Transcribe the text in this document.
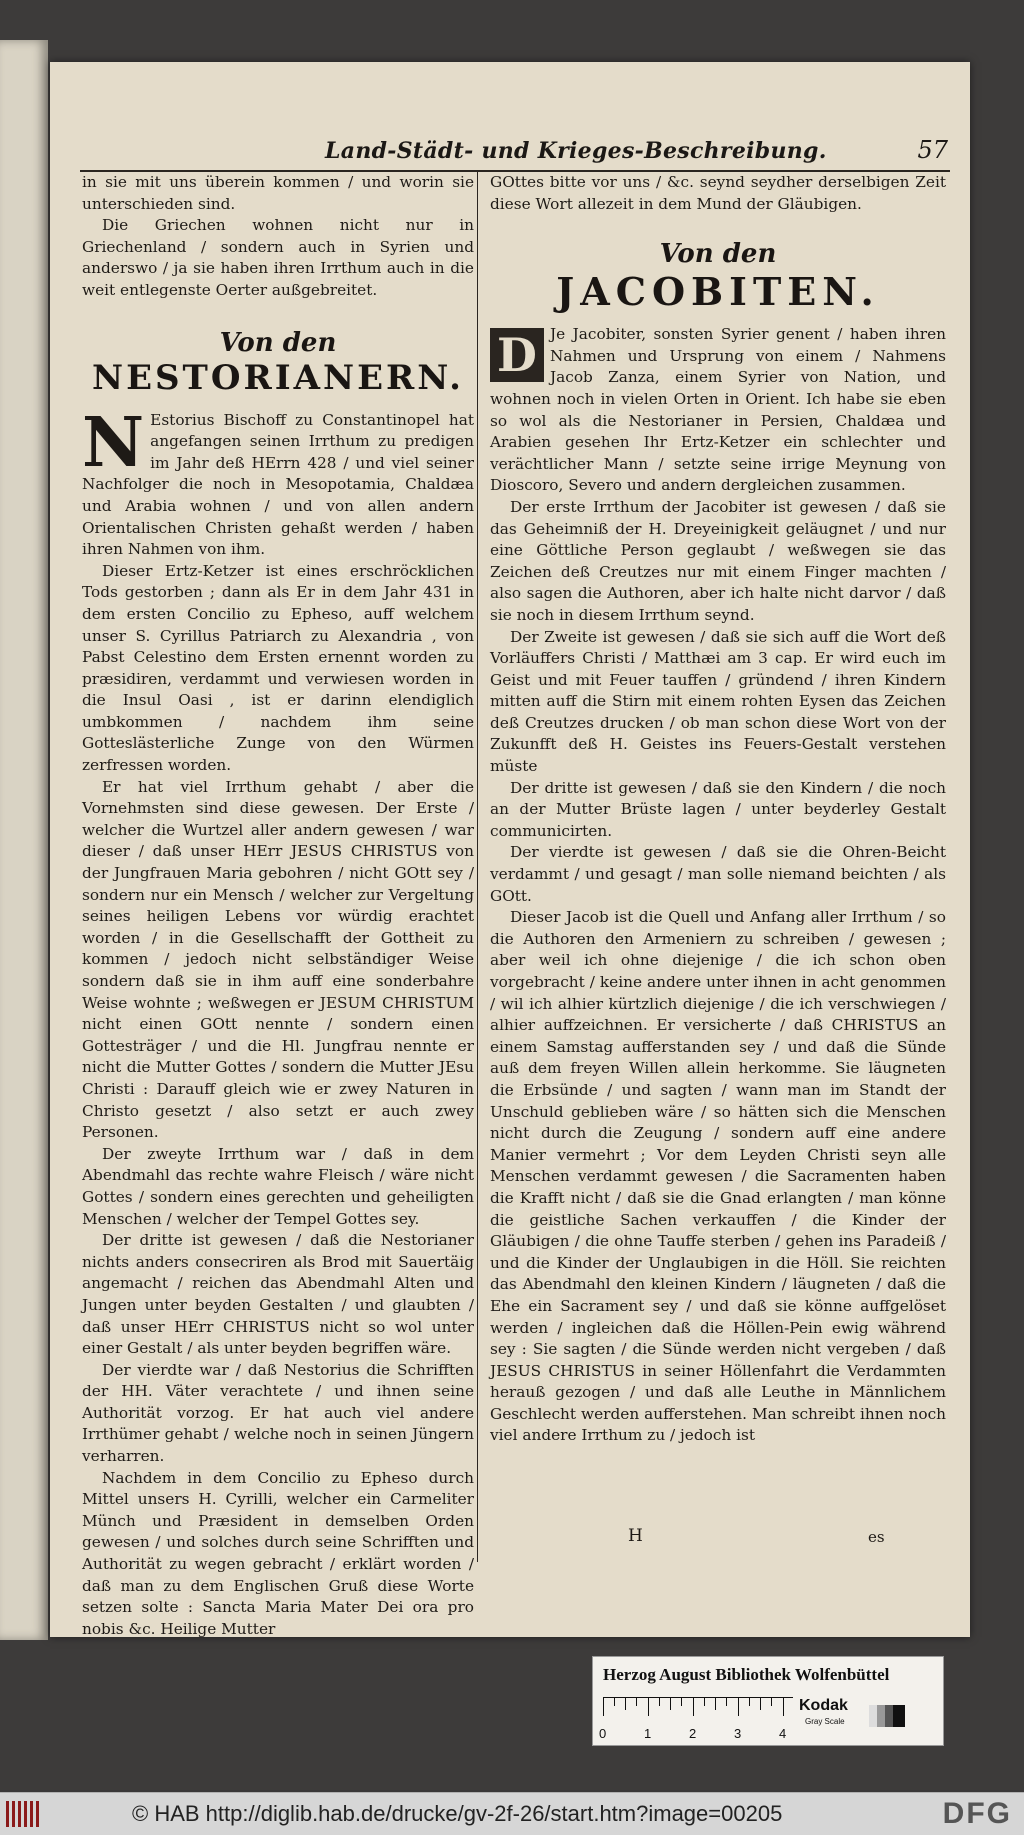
Land-Städt- und Krieges-Beschreibung.	57

in sie mit uns überein kommen / und worin sie unterschieden sind.

Die Griechen wohnen nicht nur in Griechenland / sondern auch in Syrien und anderswo / ja sie haben ihren Irrthum auch in die weit entlegenste Oerter außgebreitet.

Von den
NESTORIANERN.

N Estorius Bischoff zu Constantinopel hat angefangen seinen Irrthum zu predigen im Jahr deß HErrn 428 / und viel seiner Nachfolger die noch in Mesopotamia, Chaldæa und Arabia wohnen / und von allen andern Orientalischen Christen gehaßt werden / haben ihren Nahmen von ihm.

Dieser Ertz-Ketzer ist eines erschröcklichen Tods gestorben ; dann als Er in dem Jahr 431 in dem ersten Concilio zu Epheso, auff welchem unser S. Cyrillus Patriarch zu Alexandria , von Pabst Celestino dem Ersten ernennt worden zu præsidiren, verdammt und verwiesen worden in die Insul Oasi , ist er darinn elendiglich umbkommen / nachdem ihm seine Gotteslästerliche Zunge von den Würmen zerfressen worden.

Er hat viel Irrthum gehabt / aber die Vornehmsten sind diese gewesen. Der Erste / welcher die Wurtzel aller andern gewesen / war dieser / daß unser HErr JESUS CHRISTUS von der Jungfrauen Maria gebohren / nicht GOtt sey / sondern nur ein Mensch / welcher zur Vergeltung seines heiligen Lebens vor würdig erachtet worden / in die Gesellschafft der Gottheit zu kommen / jedoch nicht selbständiger Weise sondern daß sie in ihm auff eine sonderbahre Weise wohnte ; weßwegen er JESUM CHRISTUM nicht einen GOtt nennte / sondern einen Gottesträger / und die Hl. Jungfrau nennte er nicht die Mutter Gottes / sondern die Mutter JEsu Christi : Darauff gleich wie er zwey Naturen in Christo gesetzt / also setzt er auch zwey Personen.

Der zweyte Irrthum war / daß in dem Abendmahl das rechte wahre Fleisch / wäre nicht Gottes / sondern eines gerechten und geheiligten Menschen / welcher der Tempel Gottes sey.

Der dritte ist gewesen / daß die Nestorianer nichts anders consecriren als Brod mit Sauertäig angemacht / reichen das Abendmahl Alten und Jungen unter beyden Gestalten / und glaubten / daß unser HErr CHRISTUS nicht so wol unter einer Gestalt / als unter beyden begriffen wäre.

Der vierdte war / daß Nestorius die Schrifften der HH. Väter verachtete / und ihnen seine Authorität vorzog. Er hat auch viel andere Irrthümer gehabt / welche noch in seinen Jüngern verharren.

Nachdem in dem Concilio zu Epheso durch Mittel unsers H. Cyrilli, welcher ein Carmeliter Münch und Præsident in demselben Orden gewesen / und solches durch seine Schrifften und Authorität zu wegen gebracht / erklärt worden / daß man zu dem Englischen Gruß diese Worte setzen solte : Sancta Maria Mater Dei ora pro nobis &c. Heilige Mutter

GOttes bitte vor uns / &c. seynd seydher derselbigen Zeit diese Wort allezeit in dem Mund der Gläubigen.

Von den
JACOBITEN.

D Je Jacobiter, sonsten Syrier genent / haben ihren Nahmen und Ursprung von einem / Nahmens Jacob Zanza, einem Syrier von Nation, und wohnen noch in vielen Orten in Orient. Ich habe sie eben so wol als die Nestorianer in Persien, Chaldæa und Arabien gesehen Ihr Ertz-Ketzer ein schlechter und verächtlicher Mann / setzte seine irrige Meynung von Dioscoro, Severo und andern dergleichen zusammen.

Der erste Irrthum der Jacobiter ist gewesen / daß sie das Geheimniß der H. Dreyeinigkeit geläugnet / und nur eine Göttliche Person geglaubt / weßwegen sie das Zeichen deß Creutzes nur mit einem Finger machten / also sagen die Authoren, aber ich halte nicht darvor / daß sie noch in diesem Irrthum seynd.

Der Zweite ist gewesen / daß sie sich auff die Wort deß Vorläuffers Christi / Matthæi am 3 cap. Er wird euch im Geist und mit Feuer tauffen / gründend / ihren Kindern mitten auff die Stirn mit einem rohten Eysen das Zeichen deß Creutzes drucken / ob man schon diese Wort von der Zukunfft deß H. Geistes ins Feuers-Gestalt verstehen müste

Der dritte ist gewesen / daß sie den Kindern / die noch an der Mutter Brüste lagen / unter beyderley Gestalt communicirten.

Der vierdte ist gewesen / daß sie die Ohren-Beicht verdammt / und gesagt / man solle niemand beichten / als GOtt.

Dieser Jacob ist die Quell und Anfang aller Irrthum / so die Authoren den Armeniern zu schreiben / gewesen ; aber weil ich ohne diejenige / die ich schon oben vorgebracht / keine andere unter ihnen in acht genommen / wil ich alhier kürtzlich diejenige / die ich verschwiegen / alhier auffzeichnen. Er versicherte / daß CHRISTUS an einem Samstag aufferstanden sey / und daß die Sünde auß dem freyen Willen allein herkomme. Sie läugneten die Erbsünde / und sagten / wann man im Standt der Unschuld geblieben wäre / so hätten sich die Menschen nicht durch die Zeugung / sondern auff eine andere Manier vermehrt ; Vor dem Leyden Christi seyn alle Menschen verdammt gewesen / die Sacramenten haben die Krafft nicht / daß sie die Gnad erlangten / man könne die geistliche Sachen verkauffen / die Kinder der Gläubigen / die ohne Tauffe sterben / gehen ins Paradeiß / und die Kinder der Unglaubigen in die Höll. Sie reichten das Abendmahl den kleinen Kindern / läugneten / daß die Ehe ein Sacrament sey / und daß sie könne auffgelöset werden / ingleichen daß die Höllen-Pein ewig während sey : Sie sagten / die Sünde werden nicht vergeben / daß JESUS CHRISTUS in seiner Höllenfahrt die Verdammten herauß gezogen / und daß alle Leuthe in Männlichem Geschlecht werden aufferstehen. Man schreibt ihnen noch viel andere Irrthum zu / jedoch ist

H	es
Herzog August Bibliothek Wolfenbüttel
0	1	2	3	4
Kodak
Gray Scale
© HAB http://diglib.hab.de/drucke/gv-2f-26/start.htm?image=00205	DFG
